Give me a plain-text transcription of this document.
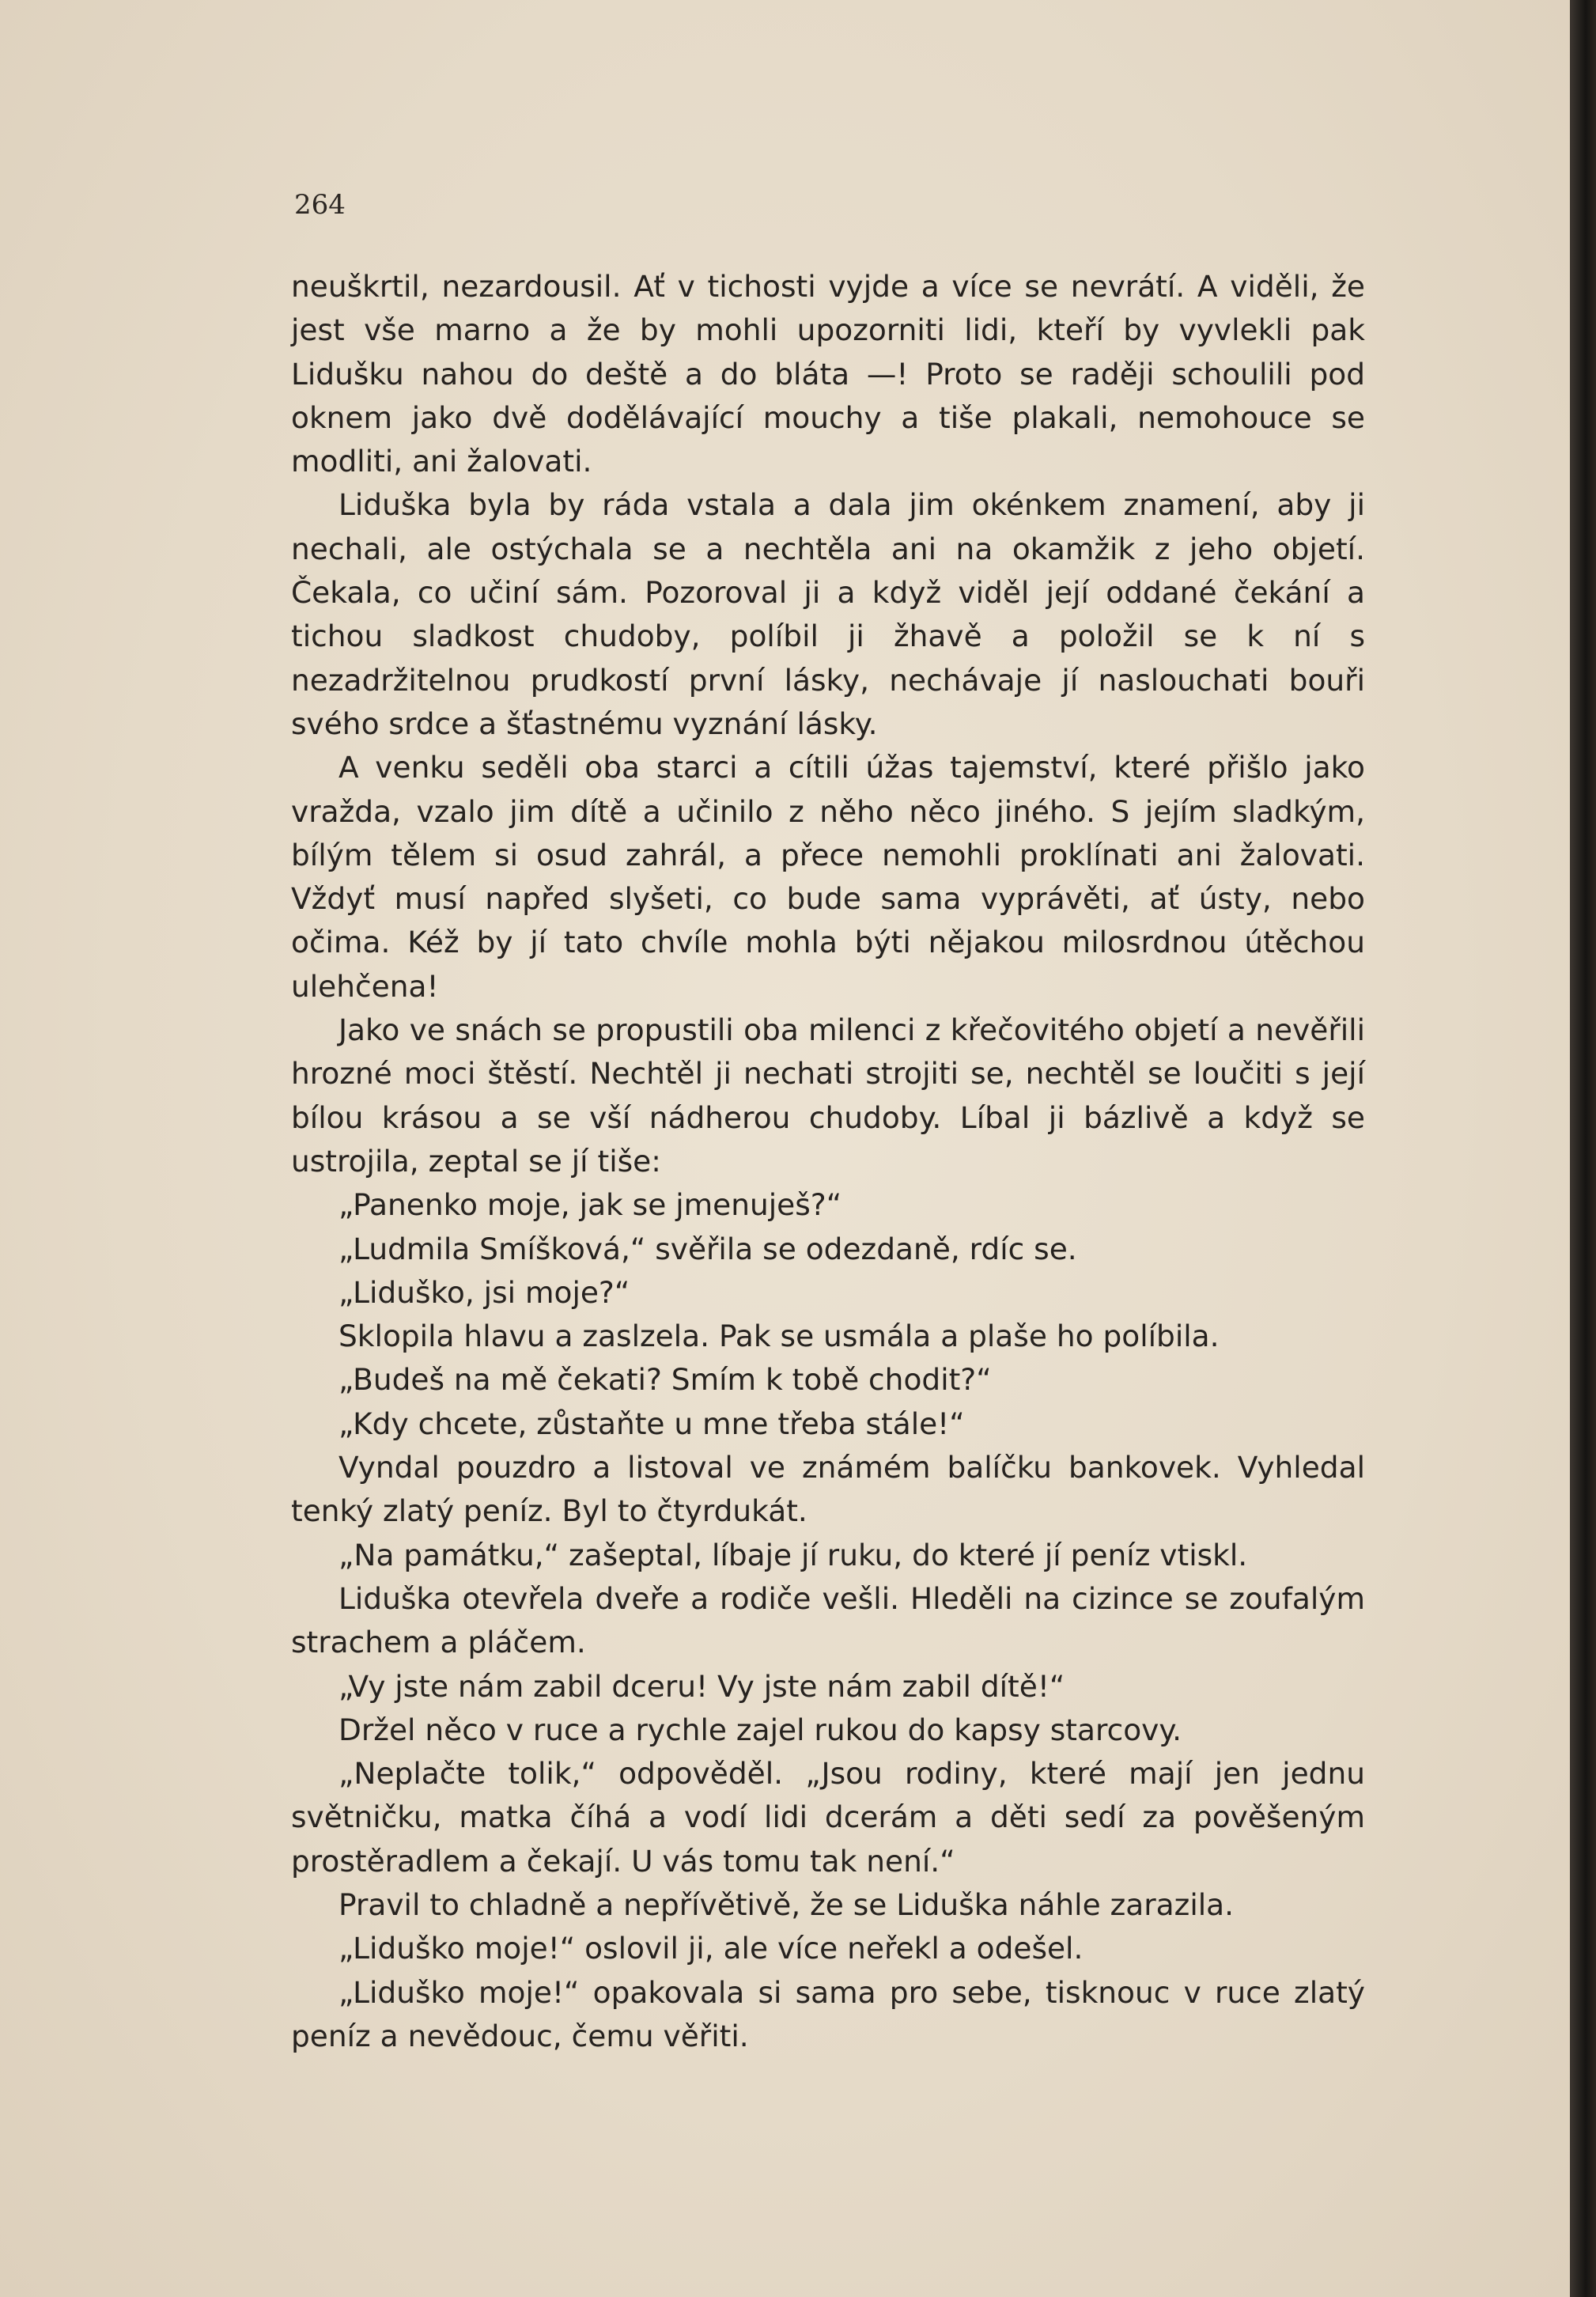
264

neuškrtil, nezardousil. Ať v tichosti vyjde a více se nevrátí. A viděli, že jest vše marno a že by mohli upozorniti lidi, kteří by vyvlekli pak Lidušku nahou do deště a do bláta —! Proto se raději schoulili pod oknem jako dvě dodělávající mouchy a tiše plakali, nemohouce se modliti, ani žalovati.

Liduška byla by ráda vstala a dala jim okénkem znamení, aby ji nechali, ale ostýchala se a nechtěla ani na okamžik z jeho objetí. Čekala, co učiní sám. Pozoroval ji a když viděl její oddané čekání a tichou sladkost chudoby, políbil ji žhavě a položil se k ní s nezadržitelnou prudkostí první lásky, nechávaje jí naslouchati bouři svého srdce a šťastnému vyznání lásky.

A venku seděli oba starci a cítili úžas tajemství, které přišlo jako vražda, vzalo jim dítě a učinilo z něho něco jiného. S jejím sladkým, bílým tělem si osud zahrál, a přece nemohli proklínati ani žalovati. Vždyť musí napřed slyšeti, co bude sama vyprávěti, ať ústy, nebo očima. Kéž by jí tato chvíle mohla býti nějakou milosrdnou útěchou ulehčena!

Jako ve snách se propustili oba milenci z křečovitého objetí a nevěřili hrozné moci štěstí. Nechtěl ji nechati strojiti se, nechtěl se loučiti s její bílou krásou a se vší nádherou chudoby. Líbal ji bázlivě a když se ustrojila, zeptal se jí tiše:

„Panenko moje, jak se jmenuješ?“

„Ludmila Smíšková,“ svěřila se odezdaně, rdíc se.

„Liduško, jsi moje?“

Sklopila hlavu a zaslzela. Pak se usmála a plaše ho políbila.

„Budeš na mě čekati? Smím k tobě chodit?“

„Kdy chcete, zůstaňte u mne třeba stále!“

Vyndal pouzdro a listoval ve známém balíčku bankovek. Vyhledal tenký zlatý peníz. Byl to čtyrdukát.

„Na památku,“ zašeptal, líbaje jí ruku, do které jí peníz vtiskl.

Liduška otevřela dveře a rodiče vešli. Hleděli na cizince se zoufalým strachem a pláčem.

„Vy jste nám zabil dceru! Vy jste nám zabil dítě!“

Držel něco v ruce a rychle zajel rukou do kapsy starcovy.

„Neplačte tolik,“ odpověděl. „Jsou rodiny, které mají jen jednu světničku, matka číhá a vodí lidi dcerám a děti sedí za pověšeným prostěradlem a čekají. U vás tomu tak není.“

Pravil to chladně a nepřívětivě, že se Liduška náhle zarazila.

„Liduško moje!“ oslovil ji, ale více neřekl a odešel.

„Liduško moje!“ opakovala si sama pro sebe, tisknouc v ruce zlatý peníz a nevědouc, čemu věřiti.
